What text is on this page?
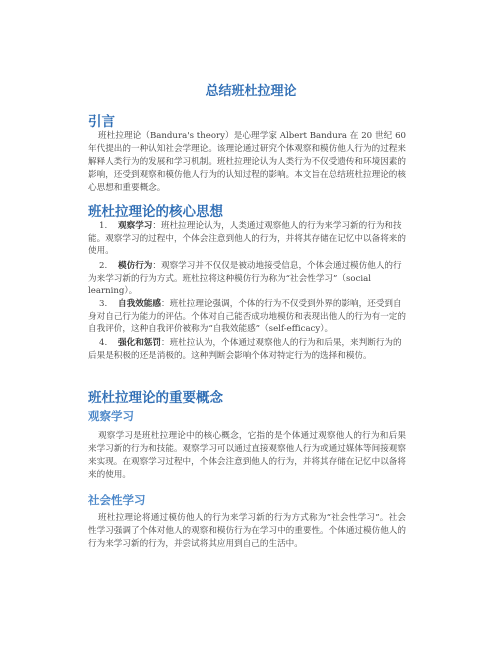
总结班杜拉理论
引言

班杜拉理论（Bandura's theory）是心理学家 Albert Bandura 在 20 世纪 60 年代提出的一种认知社会学理论。该理论通过研究个体观察和模仿他人行为的过程来解释人类行为的发展和学习机制。班杜拉理论认为人类行为不仅受遗传和环境因素的影响，还受到观察和模仿他人行为的认知过程的影响。本文旨在总结班杜拉理论的核心思想和重要概念。

班杜拉理论的核心思想
1. 观察学习：班杜拉理论认为，人类通过观察他人的行为来学习新的行为和技能。观察学习的过程中，个体会注意到他人的行为，并将其存储在记忆中以备将来的使用。
2. 模仿行为：观察学习并不仅仅是被动地接受信息，个体会通过模仿他人的行为来学习新的行为方式。班杜拉将这种模仿行为称为“社会性学习”（social learning）。
3. 自我效能感：班杜拉理论强调，个体的行为不仅受到外界的影响，还受到自身对自己行为能力的评估。个体对自己能否成功地模仿和表现出他人的行为有一定的自我评价，这种自我评价被称为“自我效能感”（self-efficacy）。
4. 强化和惩罚：班杜拉认为，个体通过观察他人的行为和后果，来判断行为的后果是积极的还是消极的。这种判断会影响个体对特定行为的选择和模仿。
班杜拉理论的重要概念
观察学习

观察学习是班杜拉理论中的核心概念，它指的是个体通过观察他人的行为和后果来学习新的行为和技能。观察学习可以通过直接观察他人行为或通过媒体等间接观察来实现。在观察学习过程中，个体会注意到他人的行为，并将其存储在记忆中以备将来的使用。

社会性学习

班杜拉理论将通过模仿他人的行为来学习新的行为方式称为“社会性学习”。社会性学习强调了个体对他人的观察和模仿行为在学习中的重要性。个体通过模仿他人的行为来学习新的行为，并尝试将其应用到自己的生活中。
